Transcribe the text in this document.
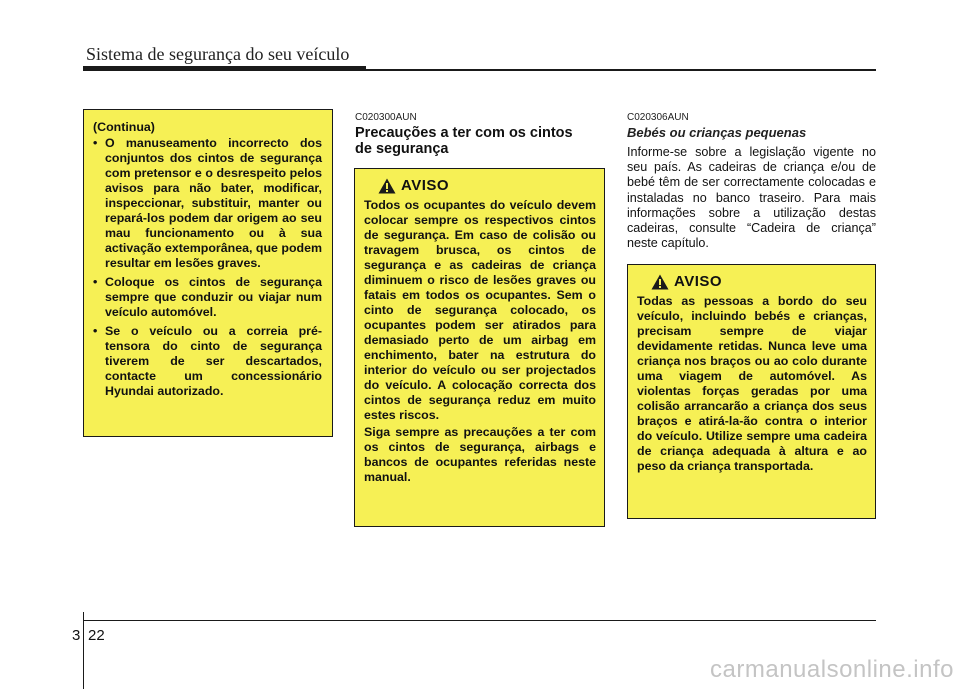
Sistema de segurança do seu veículo

(Continua)

• O manuseamento incorrecto dos conjuntos dos cintos de segurança com pretensor e o desrespeito pelos avisos para não bater, modificar, inspeccionar, substituir, manter ou repará-los podem dar origem ao seu mau funcionamento ou à sua activação extemporânea, que podem resultar em lesões graves.
• Coloque os cintos de segurança sempre que conduzir ou viajar num veículo automóvel.
• Se o veículo ou a correia pré-tensora do cinto de segurança tiverem de ser descartados, contacte um concessionário Hyundai autorizado.
C020300AUN
Precauções a ter com os cintos
de segurança
AVISO

Todos os ocupantes do veículo devem colocar sempre os respectivos cintos de segurança. Em caso de colisão ou travagem brusca, os cintos de segurança e as cadeiras de criança diminuem o risco de lesões graves ou fatais em todos os ocupantes. Sem o cinto de segurança colocado, os ocupantes podem ser atirados para demasiado perto de um airbag em enchimento, bater na estrutura do interior do veículo ou ser projectados do veículo. A colocação correcta dos cintos de segurança reduz em muito estes riscos.

Siga sempre as precauções a ter com os cintos de segurança, airbags e bancos de ocupantes referidas neste manual.

C020306AUN

Bebés ou crianças pequenas

Informe-se sobre a legislação vigente no seu país. As cadeiras de criança e/ou de bebé têm de ser correctamente colocadas e instaladas no banco traseiro. Para mais informações sobre a utilização destas cadeiras, consulte “Cadeira de criança” neste capítulo.

AVISO

Todas as pessoas a bordo do seu veículo, incluindo bebés e crianças, precisam sempre de viajar devidamente retidas. Nunca leve uma criança nos braços ou ao colo durante uma viagem de automóvel. As violentas forças geradas por uma colisão arrancarão a criança dos seus braços e atirá-la-ão contra o interior do veículo. Utilize sempre uma cadeira de criança adequada à altura e ao peso da criança transportada.

3 22
carmanualsonline.info
